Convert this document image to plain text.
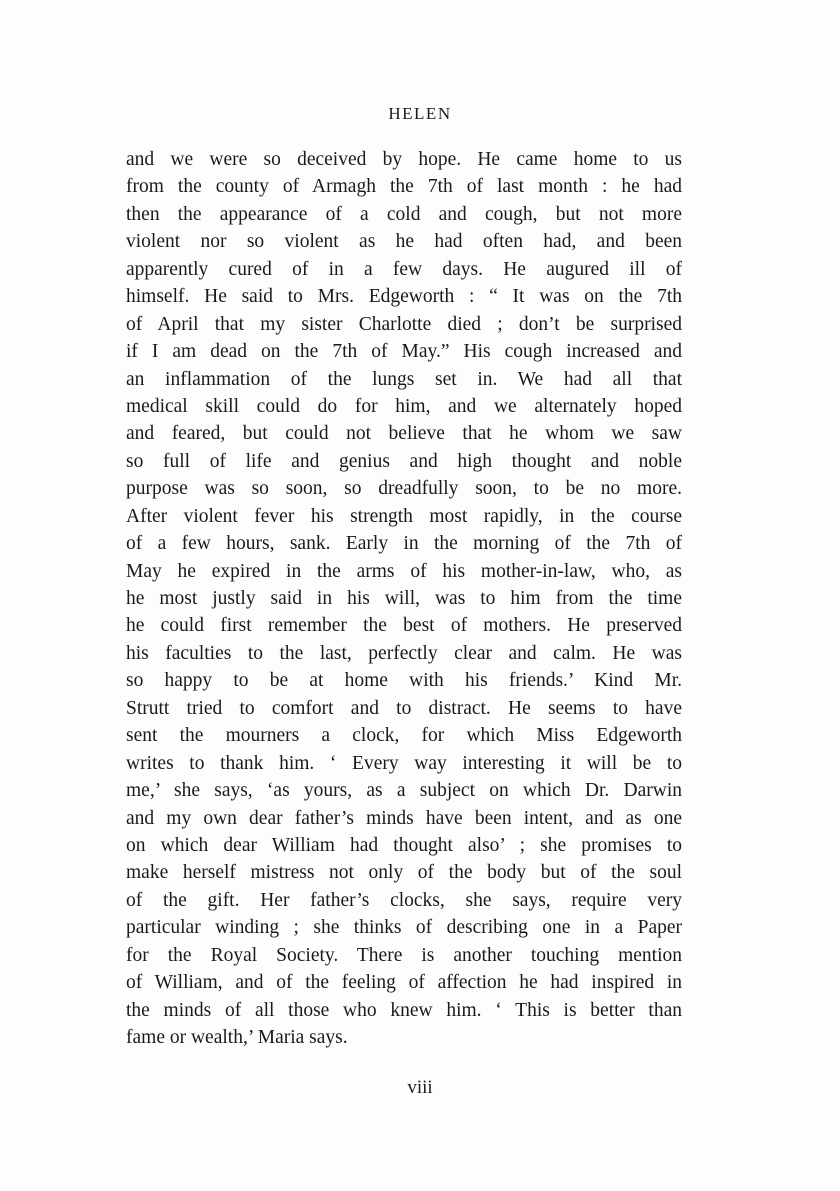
HELEN
and we were so deceived by hope. He came home to us
from the county of Armagh the 7th of last month : he had
then the appearance of a cold and cough, but not more
violent nor so violent as he had often had, and been
apparently cured of in a few days. He augured ill of
himself. He said to Mrs. Edgeworth : “ It was on the 7th
of April that my sister Charlotte died ; don’t be surprised
if I am dead on the 7th of May.” His cough increased and
an inflammation of the lungs set in. We had all that
medical skill could do for him, and we alternately hoped
and feared, but could not believe that he whom we saw
so full of life and genius and high thought and noble
purpose was so soon, so dreadfully soon, to be no more.
After violent fever his strength most rapidly, in the course
of a few hours, sank. Early in the morning of the 7th of
May he expired in the arms of his mother-in-law, who, as
he most justly said in his will, was to him from the time
he could first remember the best of mothers. He preserved
his faculties to the last, perfectly clear and calm. He was
so happy to be at home with his friends.’ Kind Mr.
Strutt tried to comfort and to distract. He seems to have
sent the mourners a clock, for which Miss Edgeworth
writes to thank him. ‘ Every way interesting it will be to
me,’ she says, ‘as yours, as a subject on which Dr. Darwin
and my own dear father’s minds have been intent, and as one
on which dear William had thought also’ ; she promises to
make herself mistress not only of the body but of the soul
of the gift. Her father’s clocks, she says, require very
particular winding ; she thinks of describing one in a Paper
for the Royal Society. There is another touching mention
of William, and of the feeling of affection he had inspired in
the minds of all those who knew him. ‘ This is better than
fame or wealth,’ Maria says.
viii
